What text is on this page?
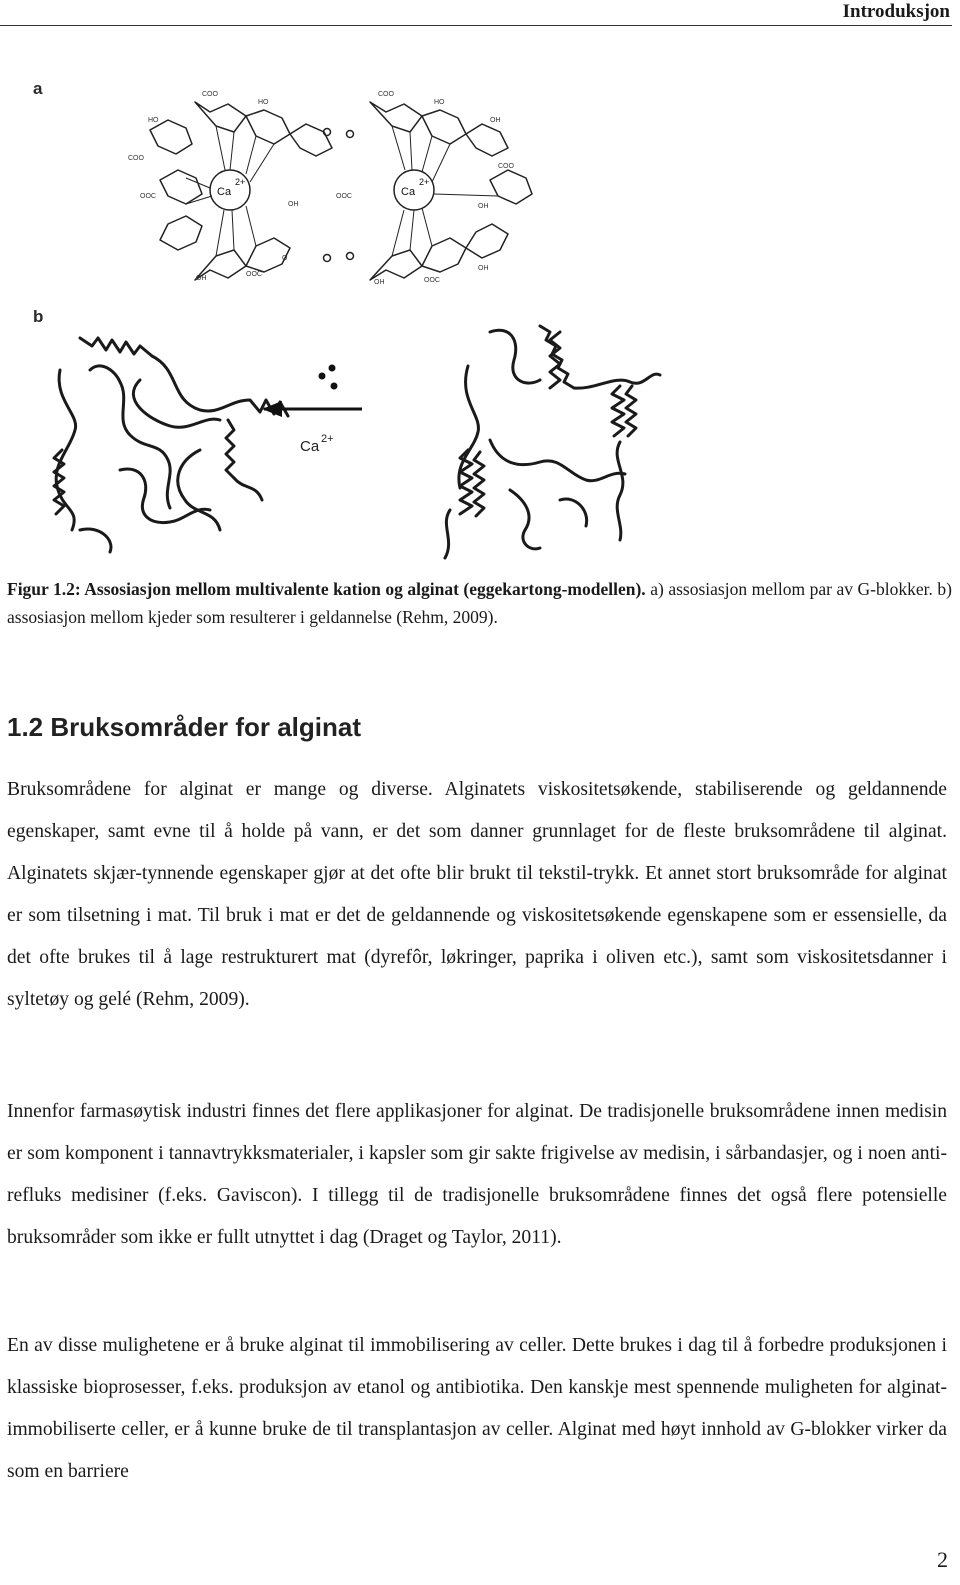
Introduksjon
a
Ca
2+
Ca
2+
COO	COO
HO	HO
HO	OH
COO
COO
OOC
OH
OOC
OH
OH
OOC
O
OH	OOC
OH
b
Ca 2+
Figur 1.2: Assosiasjon mellom multivalente kation og alginat (eggekartong-modellen). a) assosiasjon mellom par av G-blokker. b) assosiasjon mellom kjeder som resulterer i geldannelse (Rehm, 2009).
1.2 Bruksområder for alginat

Bruksområdene for alginat er mange og diverse. Alginatets viskositetsøkende, stabiliserende og geldannende egenskaper, samt evne til å holde på vann, er det som danner grunnlaget for de fleste bruksområdene til alginat. Alginatets skjær-tynnende egenskaper gjør at det ofte blir brukt til tekstil-trykk. Et annet stort bruksområde for alginat er som tilsetning i mat. Til bruk i mat er det de geldannende og viskositetsøkende egenskapene som er essensielle, da det ofte brukes til å lage restrukturert mat (dyrefôr, løkringer, paprika i oliven etc.), samt som viskositetsdanner i syltetøy og gelé (Rehm, 2009).

Innenfor farmasøytisk industri finnes det flere applikasjoner for alginat. De tradisjonelle bruksområdene innen medisin er som komponent i tannavtrykksmaterialer, i kapsler som gir sakte frigivelse av medisin, i sårbandasjer, og i noen anti-refluks medisiner (f.eks. Gaviscon). I tillegg til de tradisjonelle bruksområdene finnes det også flere potensielle bruksområder som ikke er fullt utnyttet i dag (Draget og Taylor, 2011).

En av disse mulighetene er å bruke alginat til immobilisering av celler. Dette brukes i dag til å forbedre produksjonen i klassiske bioprosesser, f.eks. produksjon av etanol og antibiotika. Den kanskje mest spennende muligheten for alginat-immobiliserte celler, er å kunne bruke de til transplantasjon av celler. Alginat med høyt innhold av G-blokker virker da som en barriere

2
